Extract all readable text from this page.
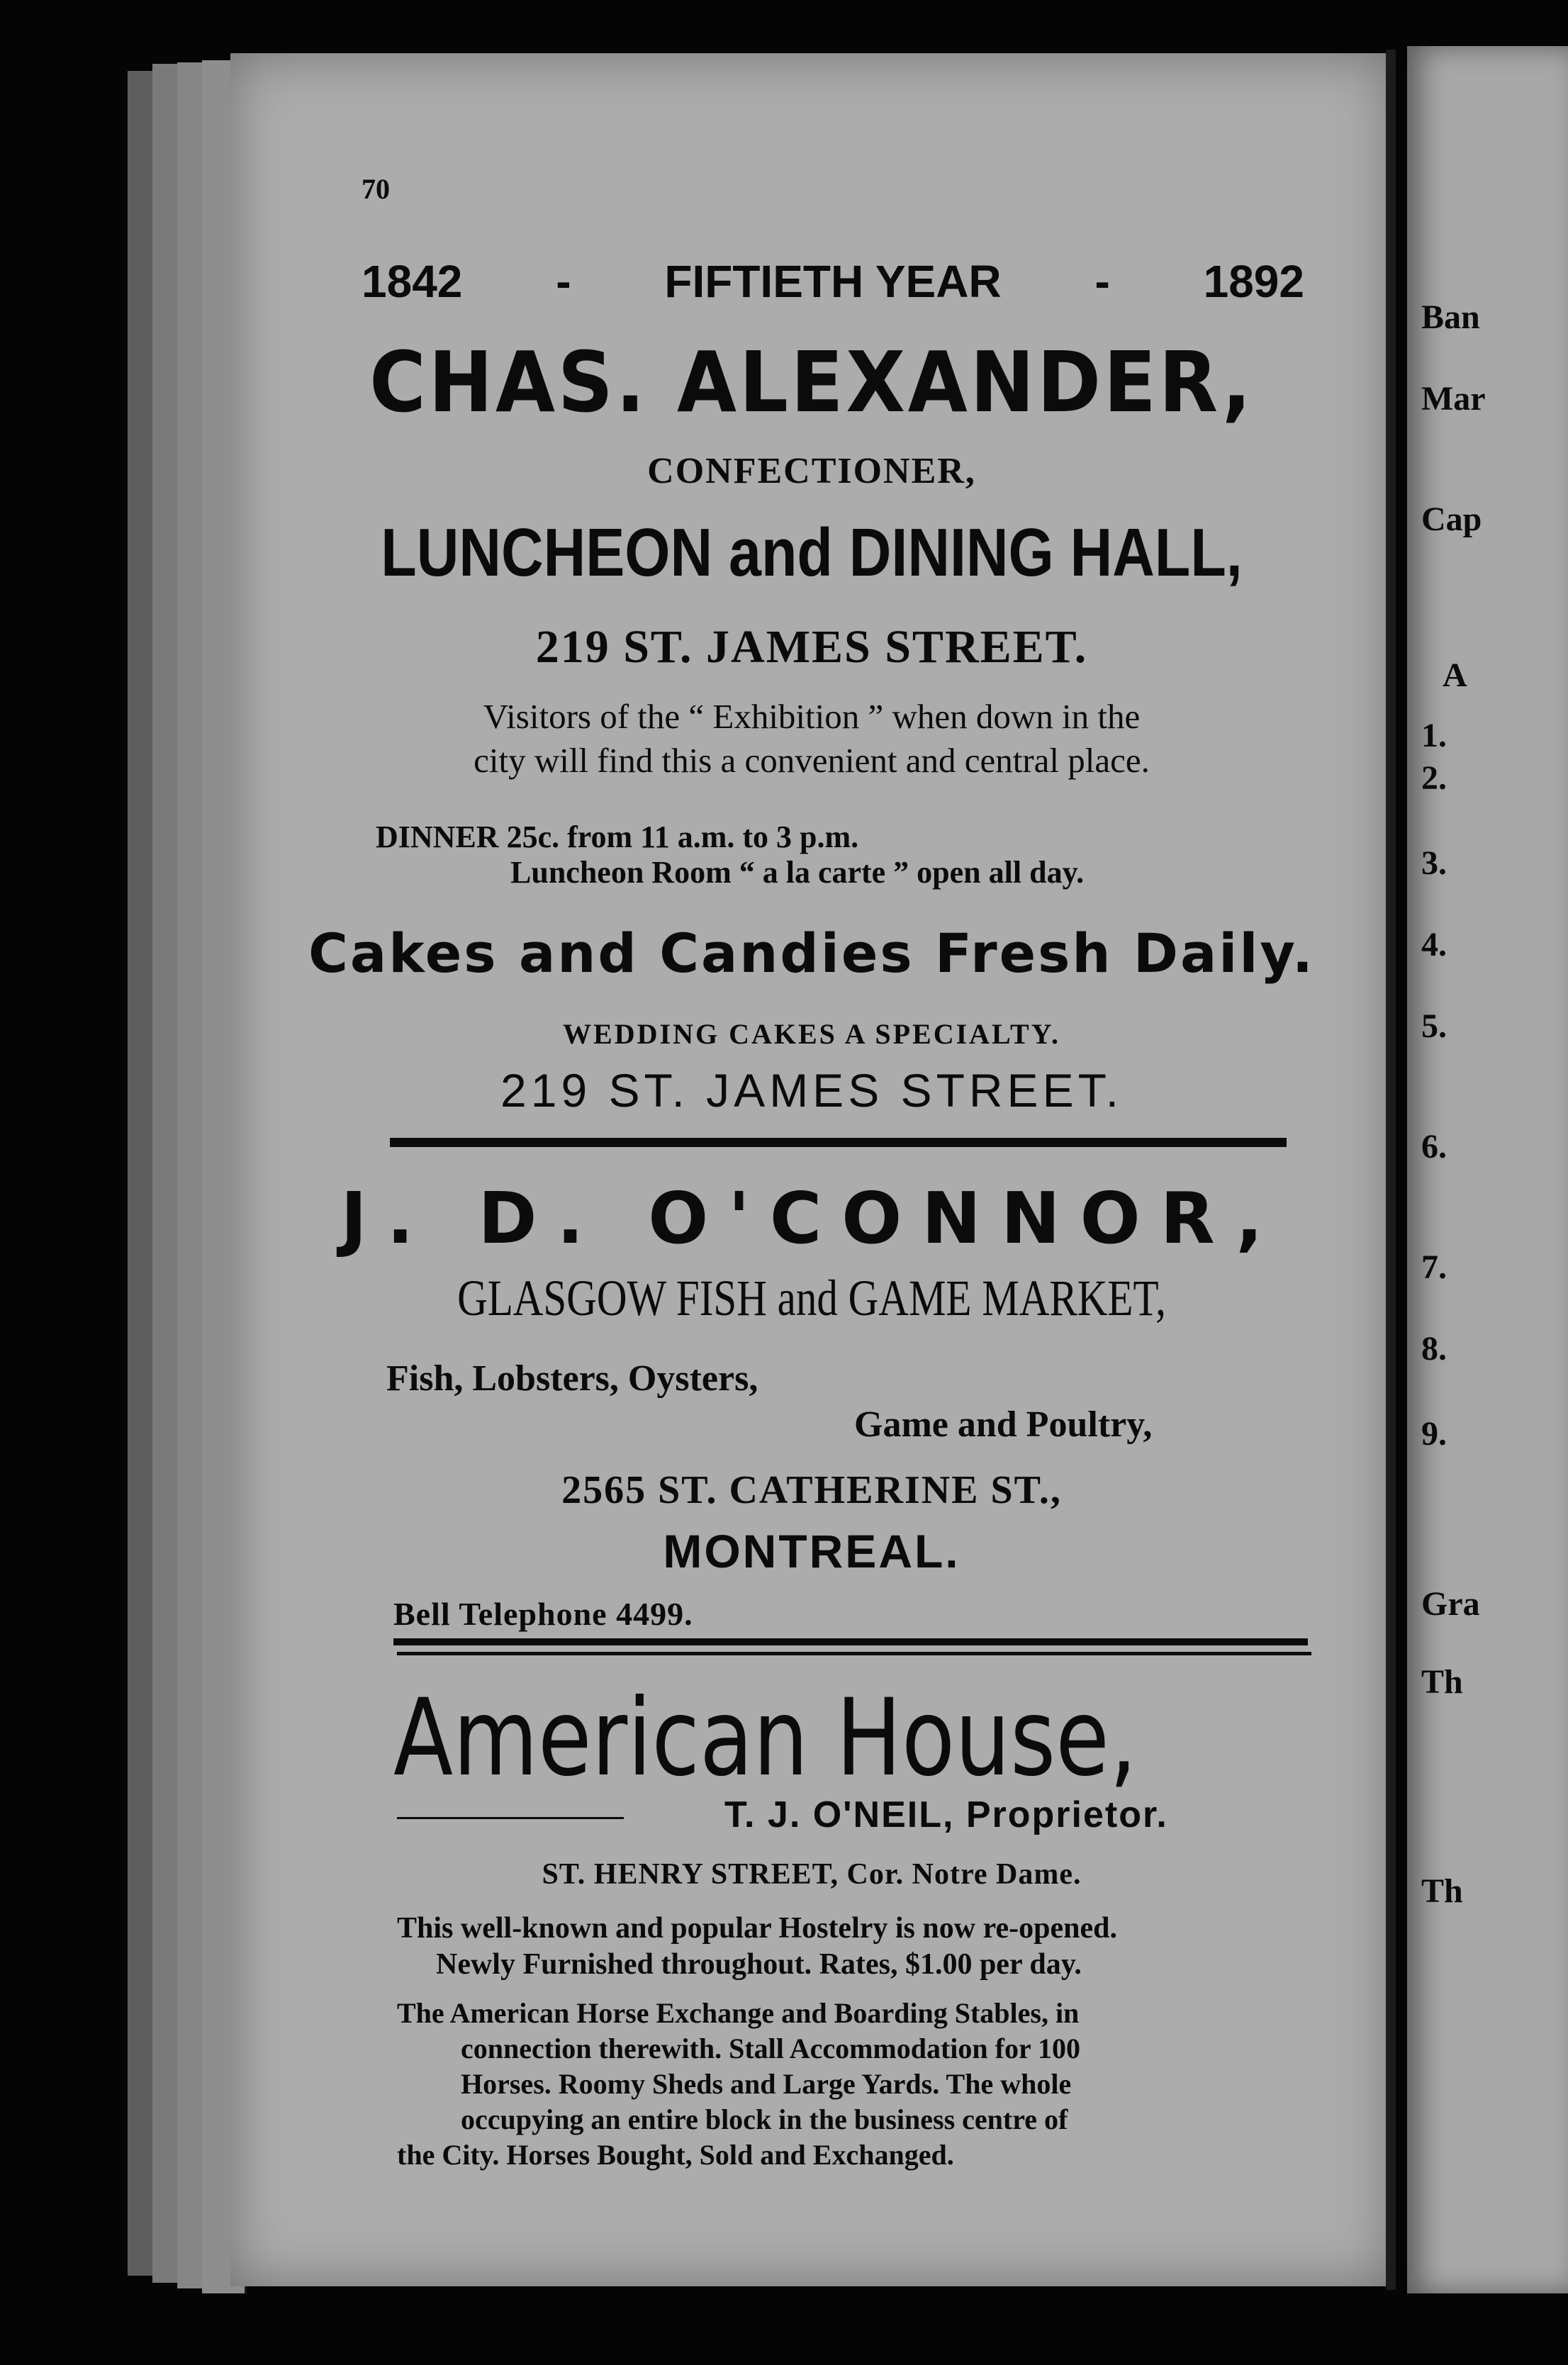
70
1842 - FIFTIETH YEAR - 1892
CHAS. ALEXANDER,
CONFECTIONER,
LUNCHEON and DINING HALL,
219 ST. JAMES STREET.
Visitors of the “ Exhibition ” when down in the
city will find this a convenient and central place.
DINNER 25c. from 11 a.m. to 3 p.m.
Luncheon Room “ a la carte ” open all day.
Cakes and Candies Fresh Daily.
WEDDING CAKES A SPECIALTY.
219 ST. JAMES STREET.
J. D. O'CONNOR,
GLASGOW FISH and GAME MARKET,
Fish, Lobsters, Oysters,
Game and Poultry,
2565 ST. CATHERINE ST.,
MONTREAL.
Bell Telephone 4499.
American House,
T. J. O'NEIL, Proprietor.
ST. HENRY STREET, Cor. Notre Dame.
This well-known and popular Hostelry is now re-opened.
Newly Furnished throughout. Rates, $1.00 per day.
The American Horse Exchange and Boarding Stables, in
connection therewith. Stall Accommodation for 100
Horses. Roomy Sheds and Large Yards. The whole
occupying an entire block in the business centre of
the City. Horses Bought, Sold and Exchanged.
Ban
Mar
Cap
A
1.
2.
3.
4.
5.
6.
7.
8.
9.
Gra
Th
Th
